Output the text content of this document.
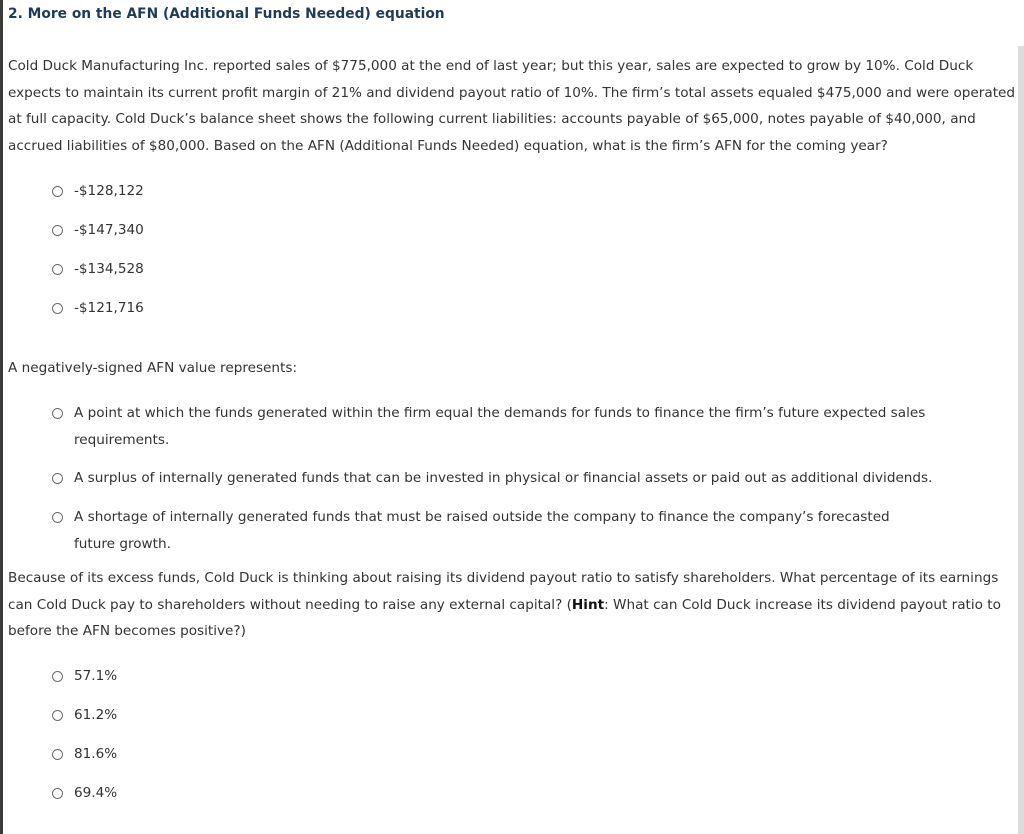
2. More on the AFN (Additional Funds Needed) equation
Cold Duck Manufacturing Inc. reported sales of $775,000 at the end of last year; but this year, sales are expected to grow by 10%. Cold Duck expects to maintain its current profit margin of 21% and dividend payout ratio of 10%. The firm’s total assets equaled $475,000 and were operated at full capacity. Cold Duck’s balance sheet shows the following current liabilities: accounts payable of $65,000, notes payable of $40,000, and accrued liabilities of $80,000. Based on the AFN (Additional Funds Needed) equation, what is the firm’s AFN for the coming year?
-$128,122
-$147,340
-$134,528
-$121,716
A negatively-signed AFN value represents:
A point at which the funds generated within the firm equal the demands for funds to finance the firm’s future expected sales requirements.
A surplus of internally generated funds that can be invested in physical or financial assets or paid out as additional dividends.
A shortage of internally generated funds that must be raised outside the company to finance the company’s forecasted future growth.
Because of its excess funds, Cold Duck is thinking about raising its dividend payout ratio to satisfy shareholders. What percentage of its earnings can Cold Duck pay to shareholders without needing to raise any external capital? (Hint: What can Cold Duck increase its dividend payout ratio to before the AFN becomes positive?)
57.1%
61.2%
81.6%
69.4%
